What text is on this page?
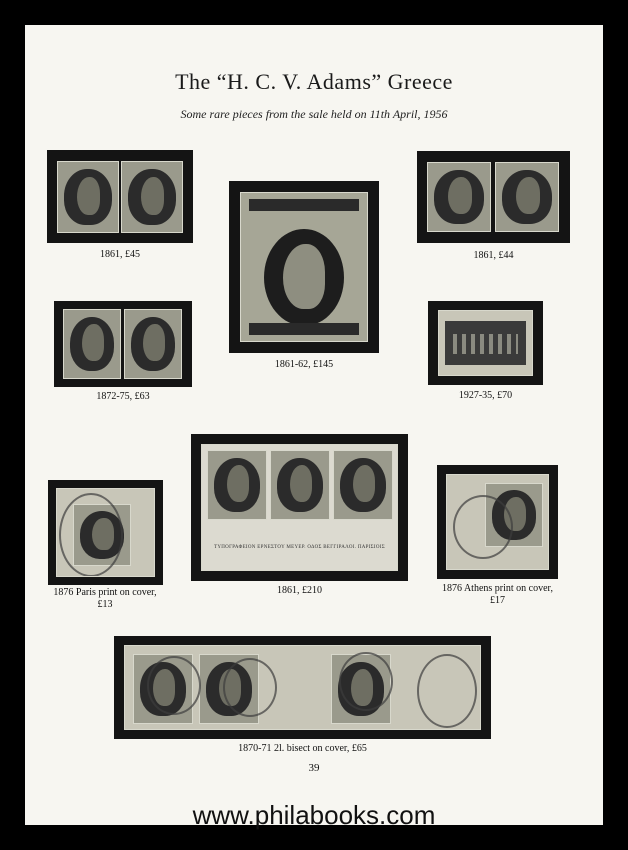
The “H. C. V. Adams” Greece
Some rare pieces from the sale held on 11th April, 1956
1861, £45
1861-62, £145
1861, £44
1872-75, £63	1927-35, £70
1876 Paris print on cover, £13
ΤΥΠΟΓΡΑΦΕΙΟΝ ΕΡΝΕΣΤΟΥ ΜΕΥΕΡ. ΟΔΟΣ ΒΕΓΓΙΡΑΛΟΙ. ΠΑΡΙΣΙΟΙΣ
1861, £210	1876 Athens print on cover, £17
1870-71 2l. bisect on cover, £65
39
www.philabooks.com
